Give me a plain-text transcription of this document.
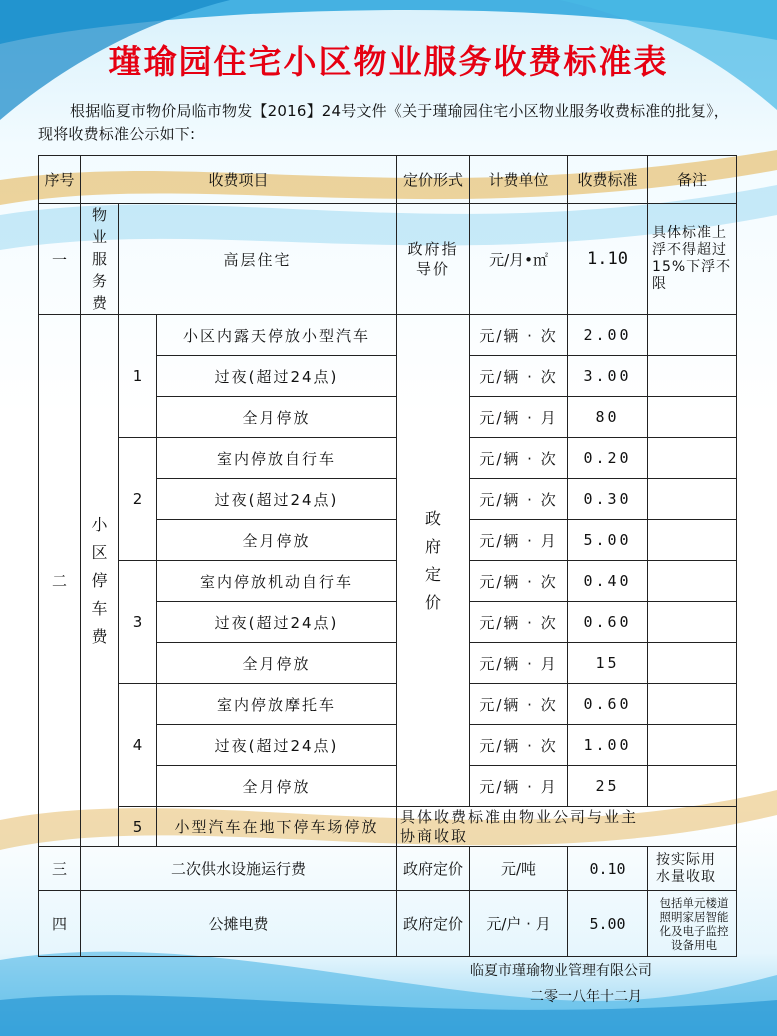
瑾瑜园住宅小区物业服务收费标准表
根据临夏市物价局临市物发【2016】24号文件《关于瑾瑜园住宅小区物业服务收费标准的批复》，现将收费标准公示如下:
序号	收费项目			定价形式	计费单位	收费标准	备注
一	物业服务费	高层住宅		政府指导价	元/月•㎡	1.10	具体标准上浮不得超过15%下浮不限
二	小区停车费	1	小区内露天停放小型汽车	政府定价	元/辆 · 次	2.00	
			过夜(超过24点)		元/辆 · 次	3.00	
			全月停放		元/辆 · 月	80	
		2	室内停放自行车		元/辆 · 次	0.20	
			过夜(超过24点)		元/辆 · 次	0.30	
			全月停放		元/辆 · 月	5.00	
		3	室内停放机动自行车		元/辆 · 次	0.40	
			过夜(超过24点)		元/辆 · 次	0.60	
			全月停放		元/辆 · 月	15	
		4	室内停放摩托车		元/辆 · 次	0.60	
			过夜(超过24点)		元/辆 · 次	1.00	
			全月停放		元/辆 · 月	25	
		5	小型汽车在地下停车场停放	具体收费标准由物业公司与业主协商收取			
三	二次供水设施运行费			政府定价	元/吨	0.10	按实际用水量收取
四	公摊电费			政府定价	元/户 · 月	5.00	包括单元楼道照明家居智能化及电子监控设备用电
临夏市瑾瑜物业管理有限公司
二零一八年十二月
